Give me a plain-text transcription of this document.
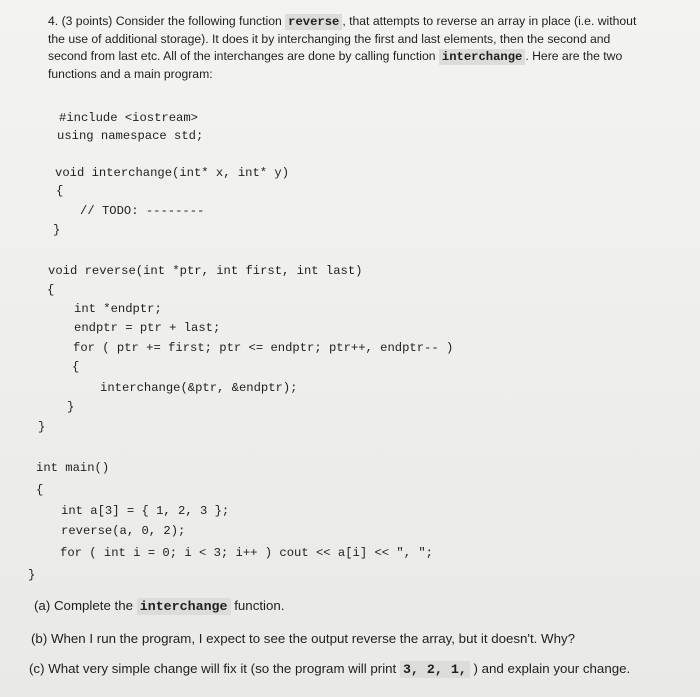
4. (3 points) Consider the following function reverse , that attempts to reverse an array in place (i.e. without the use of additional storage). It does it by interchanging the first and last elements, then the second and second from last etc. All of the interchanges are done by calling function interchange . Here are the two functions and a main program:
#include <iostream>
using namespace std;
void interchange(int* x, int* y)
{
// TODO: --------
}
void reverse(int *ptr, int first, int last)
{
int *endptr;
endptr = ptr + last;
for ( ptr += first; ptr <= endptr; ptr++, endptr-- )
{
interchange(&ptr, &endptr);
}
}
int main()
{
int a[3] = { 1, 2, 3 };
reverse(a, 0, 2);
for ( int i = 0; i < 3; i++ ) cout << a[i] << ", ";
}
(a) Complete the interchange function.
(b) When I run the program, I expect to see the output reverse the array, but it doesn't. Why?
(c) What very simple change will fix it (so the program will print 3, 2, 1, ) and explain your change.
